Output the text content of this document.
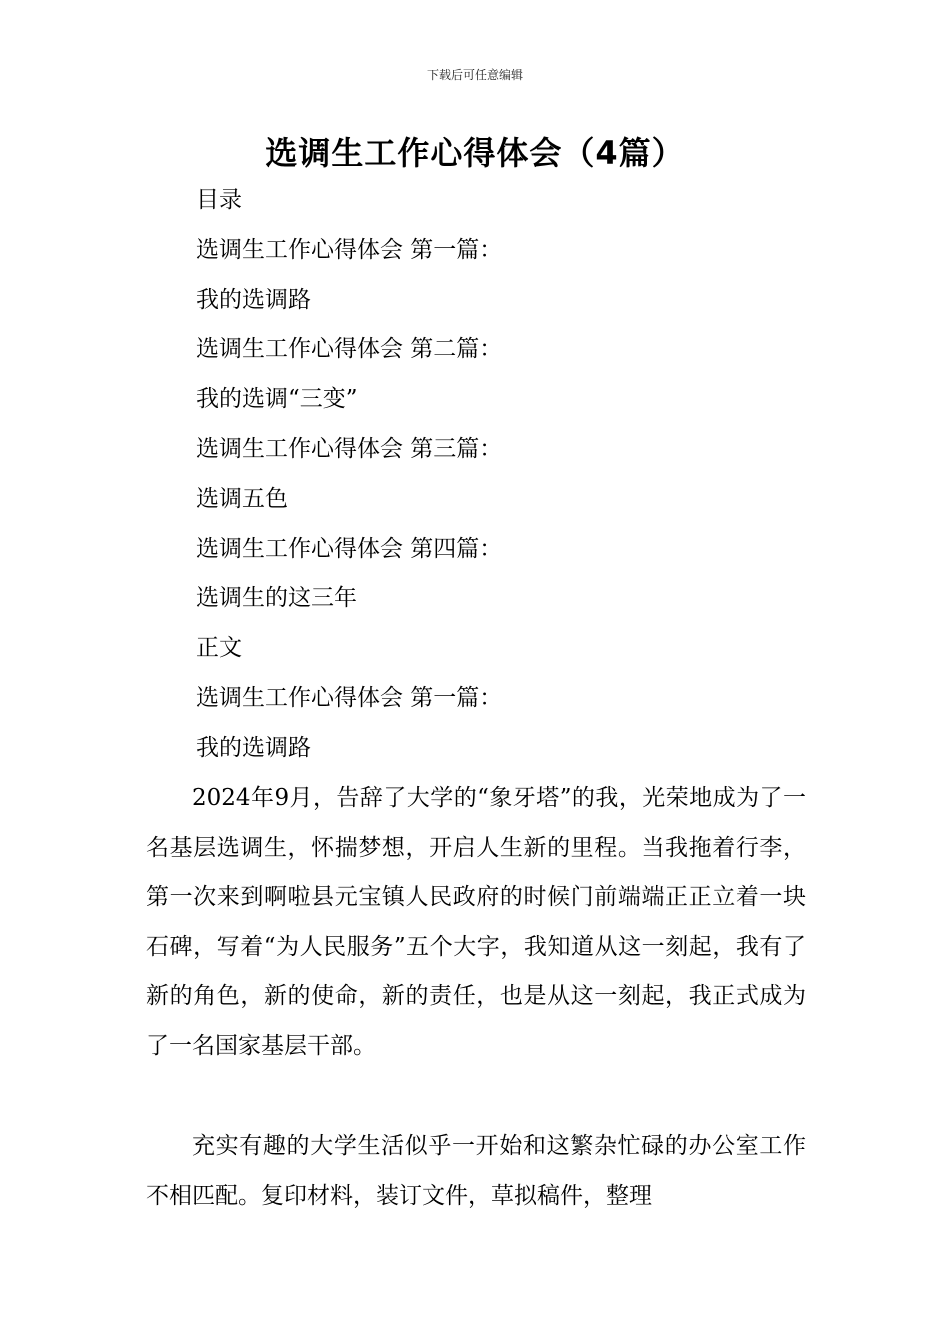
下载后可任意编辑
选调生工作心得体会（4篇）
目录
选调生工作心得体会 第一篇：
我的选调路
选调生工作心得体会 第二篇：
我的选调“三变”
选调生工作心得体会 第三篇：
选调五色
选调生工作心得体会 第四篇：
选调生的这三年
正文
选调生工作心得体会 第一篇：
我的选调路

2024年9月，告辞了大学的“象牙塔”的我，光荣地成为了一名基层选调生，怀揣梦想，开启人生新的里程。当我拖着行李，第一次来到啊啦县元宝镇人民政府的时候门前端端正正立着一块石碑，写着“为人民服务”五个大字，我知道从这一刻起，我有了新的角色，新的使命，新的责任，也是从这一刻起，我正式成为了一名国家基层干部。

充实有趣的大学生活似乎一开始和这繁杂忙碌的办公室工作不相匹配。复印材料，装订文件，草拟稿件，整理
